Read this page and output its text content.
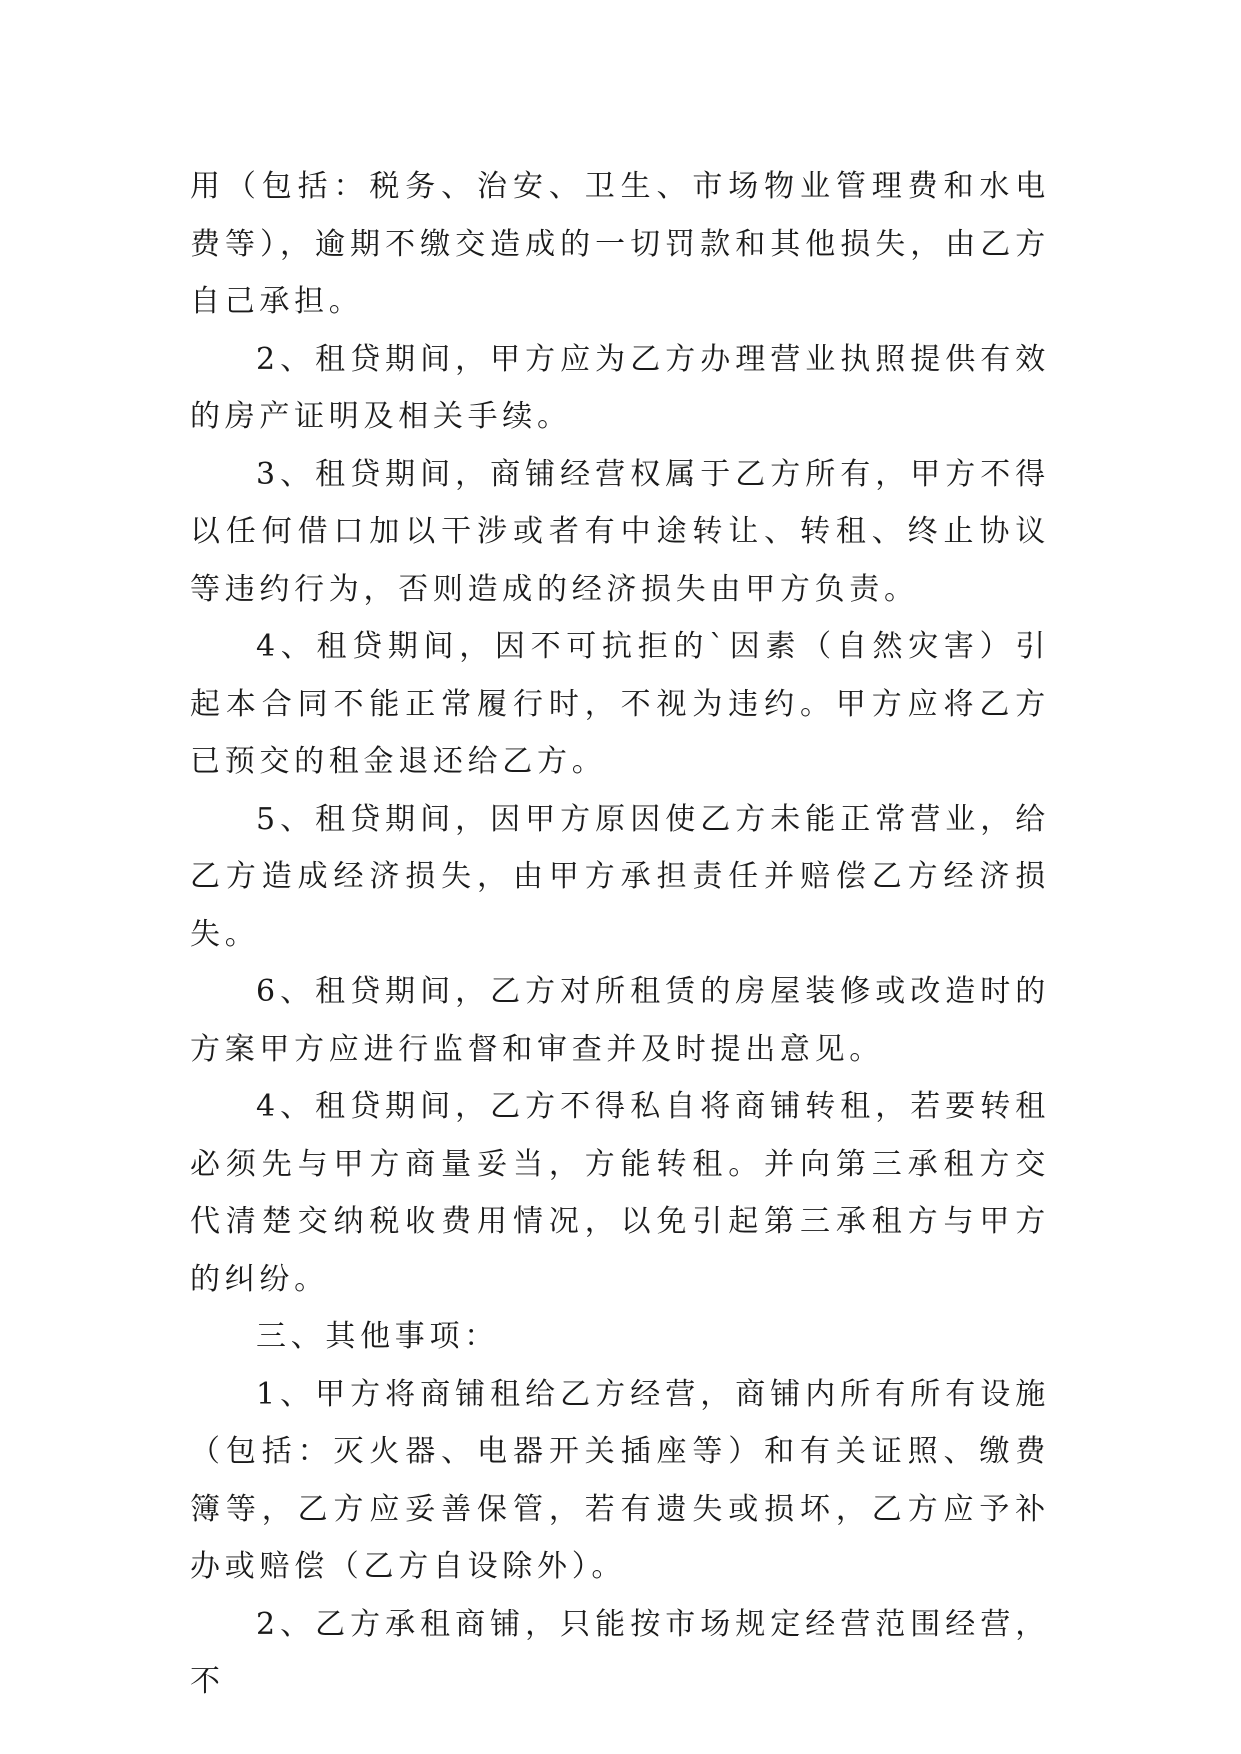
用（包括：税务、治安、卫生、市场物业管理费和水电费等），逾期不缴交造成的一切罚款和其他损失，由乙方自己承担。

2、租贷期间，甲方应为乙方办理营业执照提供有效的房产证明及相关手续。

3、租贷期间，商铺经营权属于乙方所有，甲方不得以任何借口加以干涉或者有中途转让、转租、终止协议等违约行为，否则造成的经济损失由甲方负责。

4、租贷期间，因不可抗拒的`因素（自然灾害）引起本合同不能正常履行时，不视为违约。甲方应将乙方已预交的租金退还给乙方。

5、租贷期间，因甲方原因使乙方未能正常营业，给乙方造成经济损失，由甲方承担责任并赔偿乙方经济损失。

6、租贷期间，乙方对所租赁的房屋装修或改造时的方案甲方应进行监督和审查并及时提出意见。

4、租贷期间，乙方不得私自将商铺转租，若要转租必须先与甲方商量妥当，方能转租。并向第三承租方交代清楚交纳税收费用情况，以免引起第三承租方与甲方的纠纷。

三、其他事项：

1、甲方将商铺租给乙方经营，商铺内所有所有设施（包括：灭火器、电器开关插座等）和有关证照、缴费簿等，乙方应妥善保管，若有遗失或损坏，乙方应予补办或赔偿（乙方自设除外）。

2、乙方承租商铺，只能按市场规定经营范围经营，不
